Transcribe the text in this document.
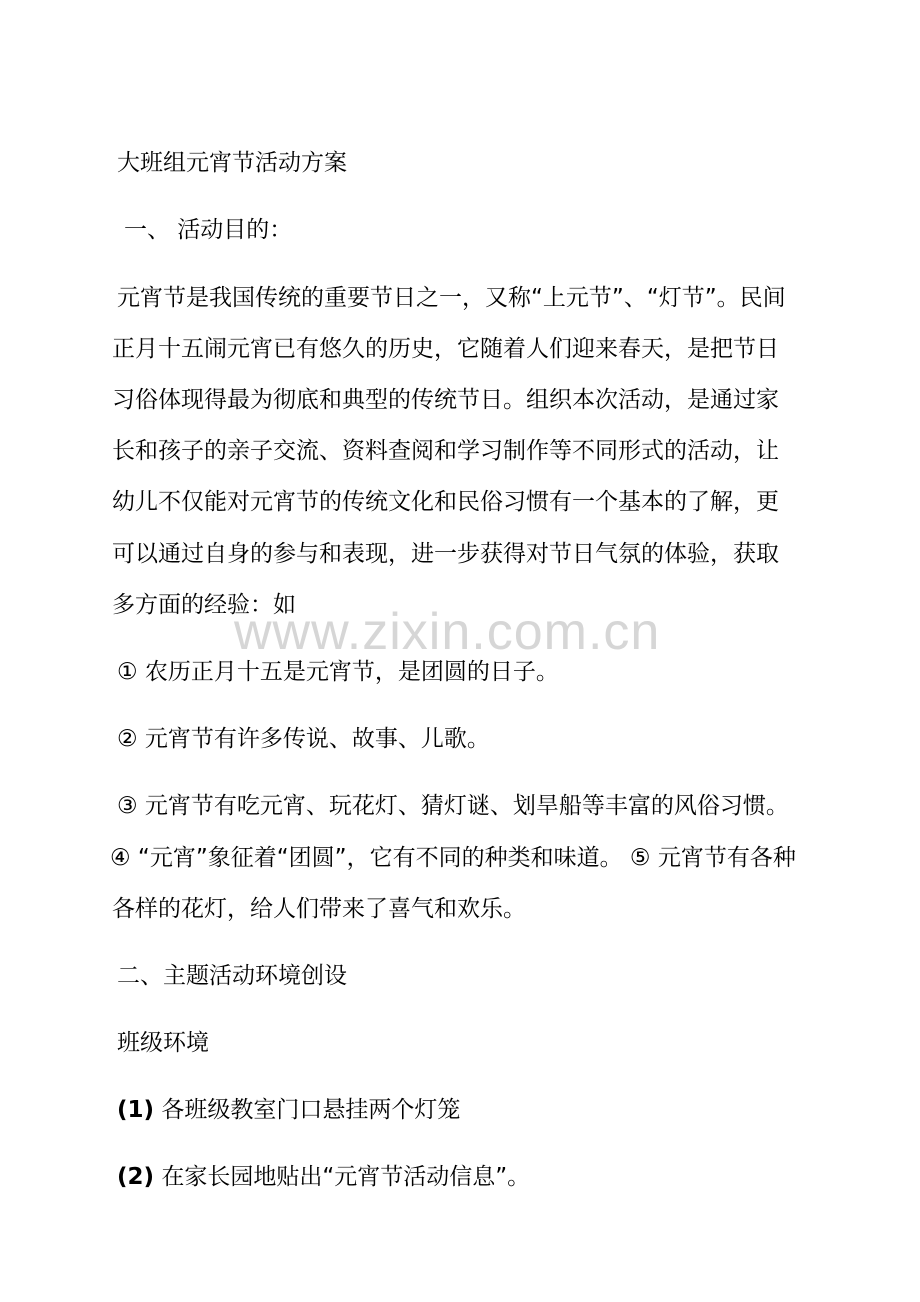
大班组元宵节活动方案
一、 活动目的：
元宵节是我国传统的重要节日之一，又称“上元节”、“灯节”。民间
正月十五闹元宵已有悠久的历史，它随着人们迎来春天，是把节日
习俗体现得最为彻底和典型的传统节日。组织本次活动，是通过家
长和孩子的亲子交流、资料查阅和学习制作等不同形式的活动，让
幼儿不仅能对元宵节的传统文化和民俗习惯有一个基本的了解，更
可以通过自身的参与和表现，进一步获得对节日气氛的体验，获取
多方面的经验：如
www.zixin.com.cn
① 农历正月十五是元宵节，是团圆的日子。
② 元宵节有许多传说、故事、儿歌。
③ 元宵节有吃元宵、玩花灯、猜灯谜、划旱船等丰富的风俗习惯。
④ “元宵”象征着“团圆”，它有不同的种类和味道。 ⑤ 元宵节有各种
各样的花灯，给人们带来了喜气和欢乐。
二、主题活动环境创设
班级环境
(1) 各班级教室门口悬挂两个灯笼
(2) 在家长园地贴出“元宵节活动信息”。
